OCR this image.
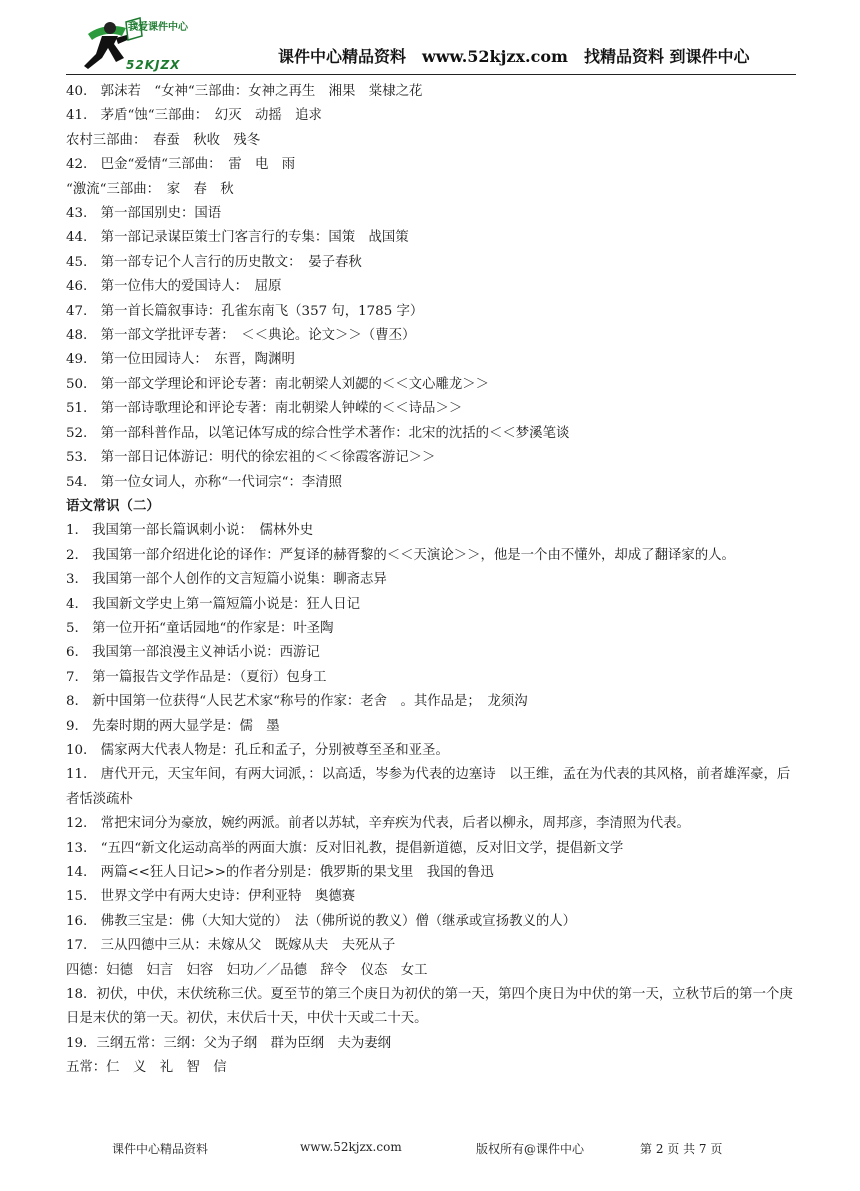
我爱课件中心
52KJZX	课件中心精品资料　www.52kjzx.com　找精品资料 到课件中心
40.　郭沫若　“女神“三部曲：女神之再生　湘果　棠棣之花
41.　茅盾“蚀“三部曲：　幻灭　动摇　追求
农村三部曲：　春蚕　秋收　残冬
42.　巴金“爱情“三部曲：　雷　电　雨
“激流“三部曲：　家　春　秋
43.　第一部国别史：国语
44.　第一部记录谋臣策士门客言行的专集：国策　战国策
45.　第一部专记个人言行的历史散文：　晏子春秋
46.　第一位伟大的爱国诗人：　屈原
47.　第一首长篇叙事诗：孔雀东南飞（357 句，1785 字）
48.　第一部文学批评专著：　＜＜典论。论文＞＞（曹丕）
49.　第一位田园诗人：　东晋，陶渊明
50.　第一部文学理论和评论专著：南北朝梁人刘勰的＜＜文心雕龙＞＞
51.　第一部诗歌理论和评论专著：南北朝梁人钟嵘的＜＜诗品＞＞
52.　第一部科普作品，以笔记体写成的综合性学术著作：北宋的沈括的＜＜梦溪笔谈
53.　第一部日记体游记：明代的徐宏祖的＜＜徐霞客游记＞＞
54.　第一位女词人，亦称“一代词宗“：李清照
语文常识（二）
1.　我国第一部长篇讽刺小说：　儒林外史
2.　我国第一部介绍进化论的译作：严复译的赫胥黎的＜＜天演论＞＞，他是一个由不懂外，却成了翻译家的人。
3.　我国第一部个人创作的文言短篇小说集：聊斋志异
4.　我国新文学史上第一篇短篇小说是：狂人日记
5.　第一位开拓“童话园地“的作家是：叶圣陶
6.　我国第一部浪漫主义神话小说：西游记
7.　第一篇报告文学作品是：（夏衍）包身工
8.　新中国第一位获得“人民艺术家“称号的作家：老舍　。其作品是；　龙须沟
9.　先秦时期的两大显学是：儒　墨
10.　儒家两大代表人物是：孔丘和孟子，分别被尊至圣和亚圣。
11.　唐代开元，天宝年间，有两大词派，：以高适，岑参为代表的边塞诗　以王维，孟在为代表的其风格，前者雄浑豪，后者恬淡疏朴
12.　常把宋词分为豪放，婉约两派。前者以苏轼，辛弃疾为代表，后者以柳永，周邦彦，李清照为代表。
13.　“五四“新文化运动高举的两面大旗：反对旧礼教，提倡新道德，反对旧文学，提倡新文学
14.　两篇<<狂人日记>>的作者分别是：俄罗斯的果戈里　我国的鲁迅
15.　世界文学中有两大史诗：伊利亚特　奥德赛
16.　佛教三宝是：佛（大知大觉的）　法（佛所说的教义）僧（继承或宣扬教义的人）
17.　三从四德中三从：未嫁从父　既嫁从夫　夫死从子
四德：妇德　妇言　妇容　妇功／／品德　辞令　仪态　女工
18．初伏，中伏，末伏统称三伏。夏至节的第三个庚日为初伏的第一天，第四个庚日为中伏的第一天，立秋节后的第一个庚日是末伏的第一天。初伏，末伏后十天，中伏十天或二十天。
19．三纲五常：三纲：父为子纲　群为臣纲　夫为妻纲
五常：仁　义　礼　智　信
课件中心精品资料	www.52kjzx.com	版权所有@课件中心	第 2 页 共 7 页
